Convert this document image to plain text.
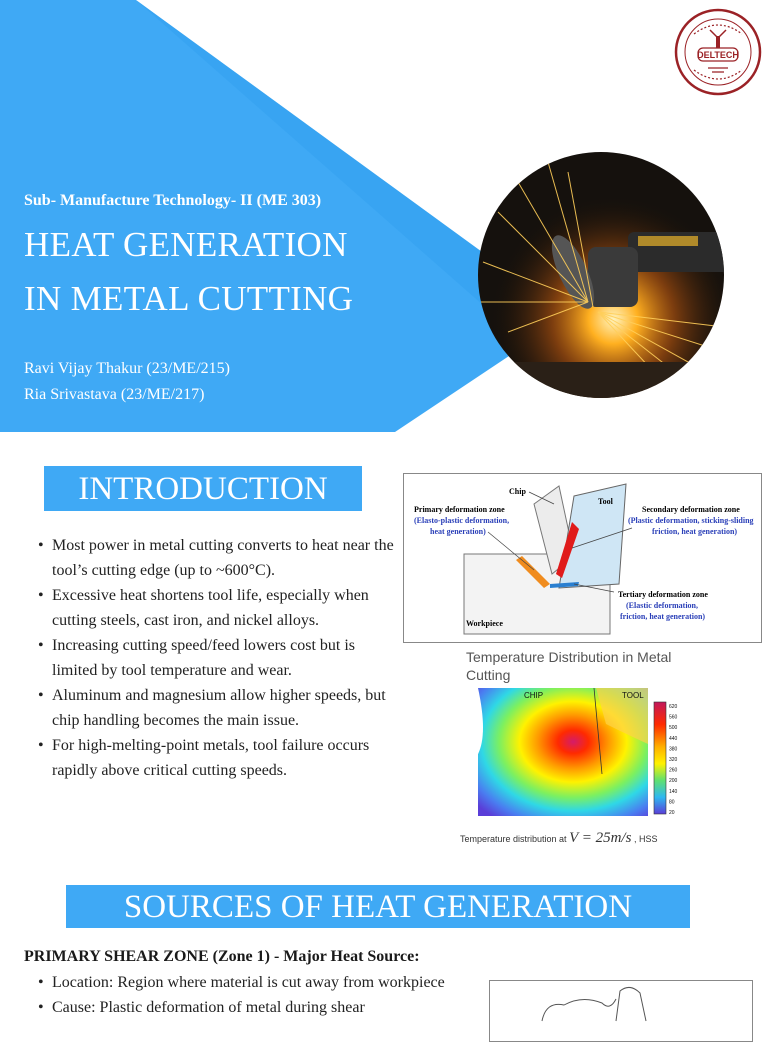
Sub- Manufacture Technology- II (ME 303)
HEAT GENERATION
IN METAL CUTTING
Ravi Vijay Thakur (23/ME/215)
Ria Srivastava (23/ME/217)
DELTECH
INTRODUCTION
• Most power in metal cutting converts to heat near the tool’s cutting edge (up to ~600°C).
• Excessive heat shortens tool life, especially when cutting steels, cast iron, and nickel alloys.
• Increasing cutting speed/feed lowers cost but is limited by tool temperature and wear.
• Aluminum and magnesium allow higher speeds, but chip handling becomes the main issue.
• For high-melting-point metals, tool failure occurs rapidly above critical cutting speeds.
Chip
Tool
Workpiece
Primary deformation zone
(Elasto-plastic deformation,
heat generation)
Secondary deformation zone
(Plastic deformation, sticking-sliding
friction, heat generation)
Tertiary deformation zone
(Elastic deformation,
friction, heat generation)
Temperature Distribution in Metal Cutting
CHIP	TOOL
620
560
500
440
380
320
260
200
140
80
20
Temperature distribution at V = 25m/s , HSS
SOURCES OF HEAT GENERATION
PRIMARY SHEAR ZONE (Zone 1) - Major Heat Source:
• Location: Region where material is cut away from workpiece
• Cause: Plastic deformation of metal during shear
